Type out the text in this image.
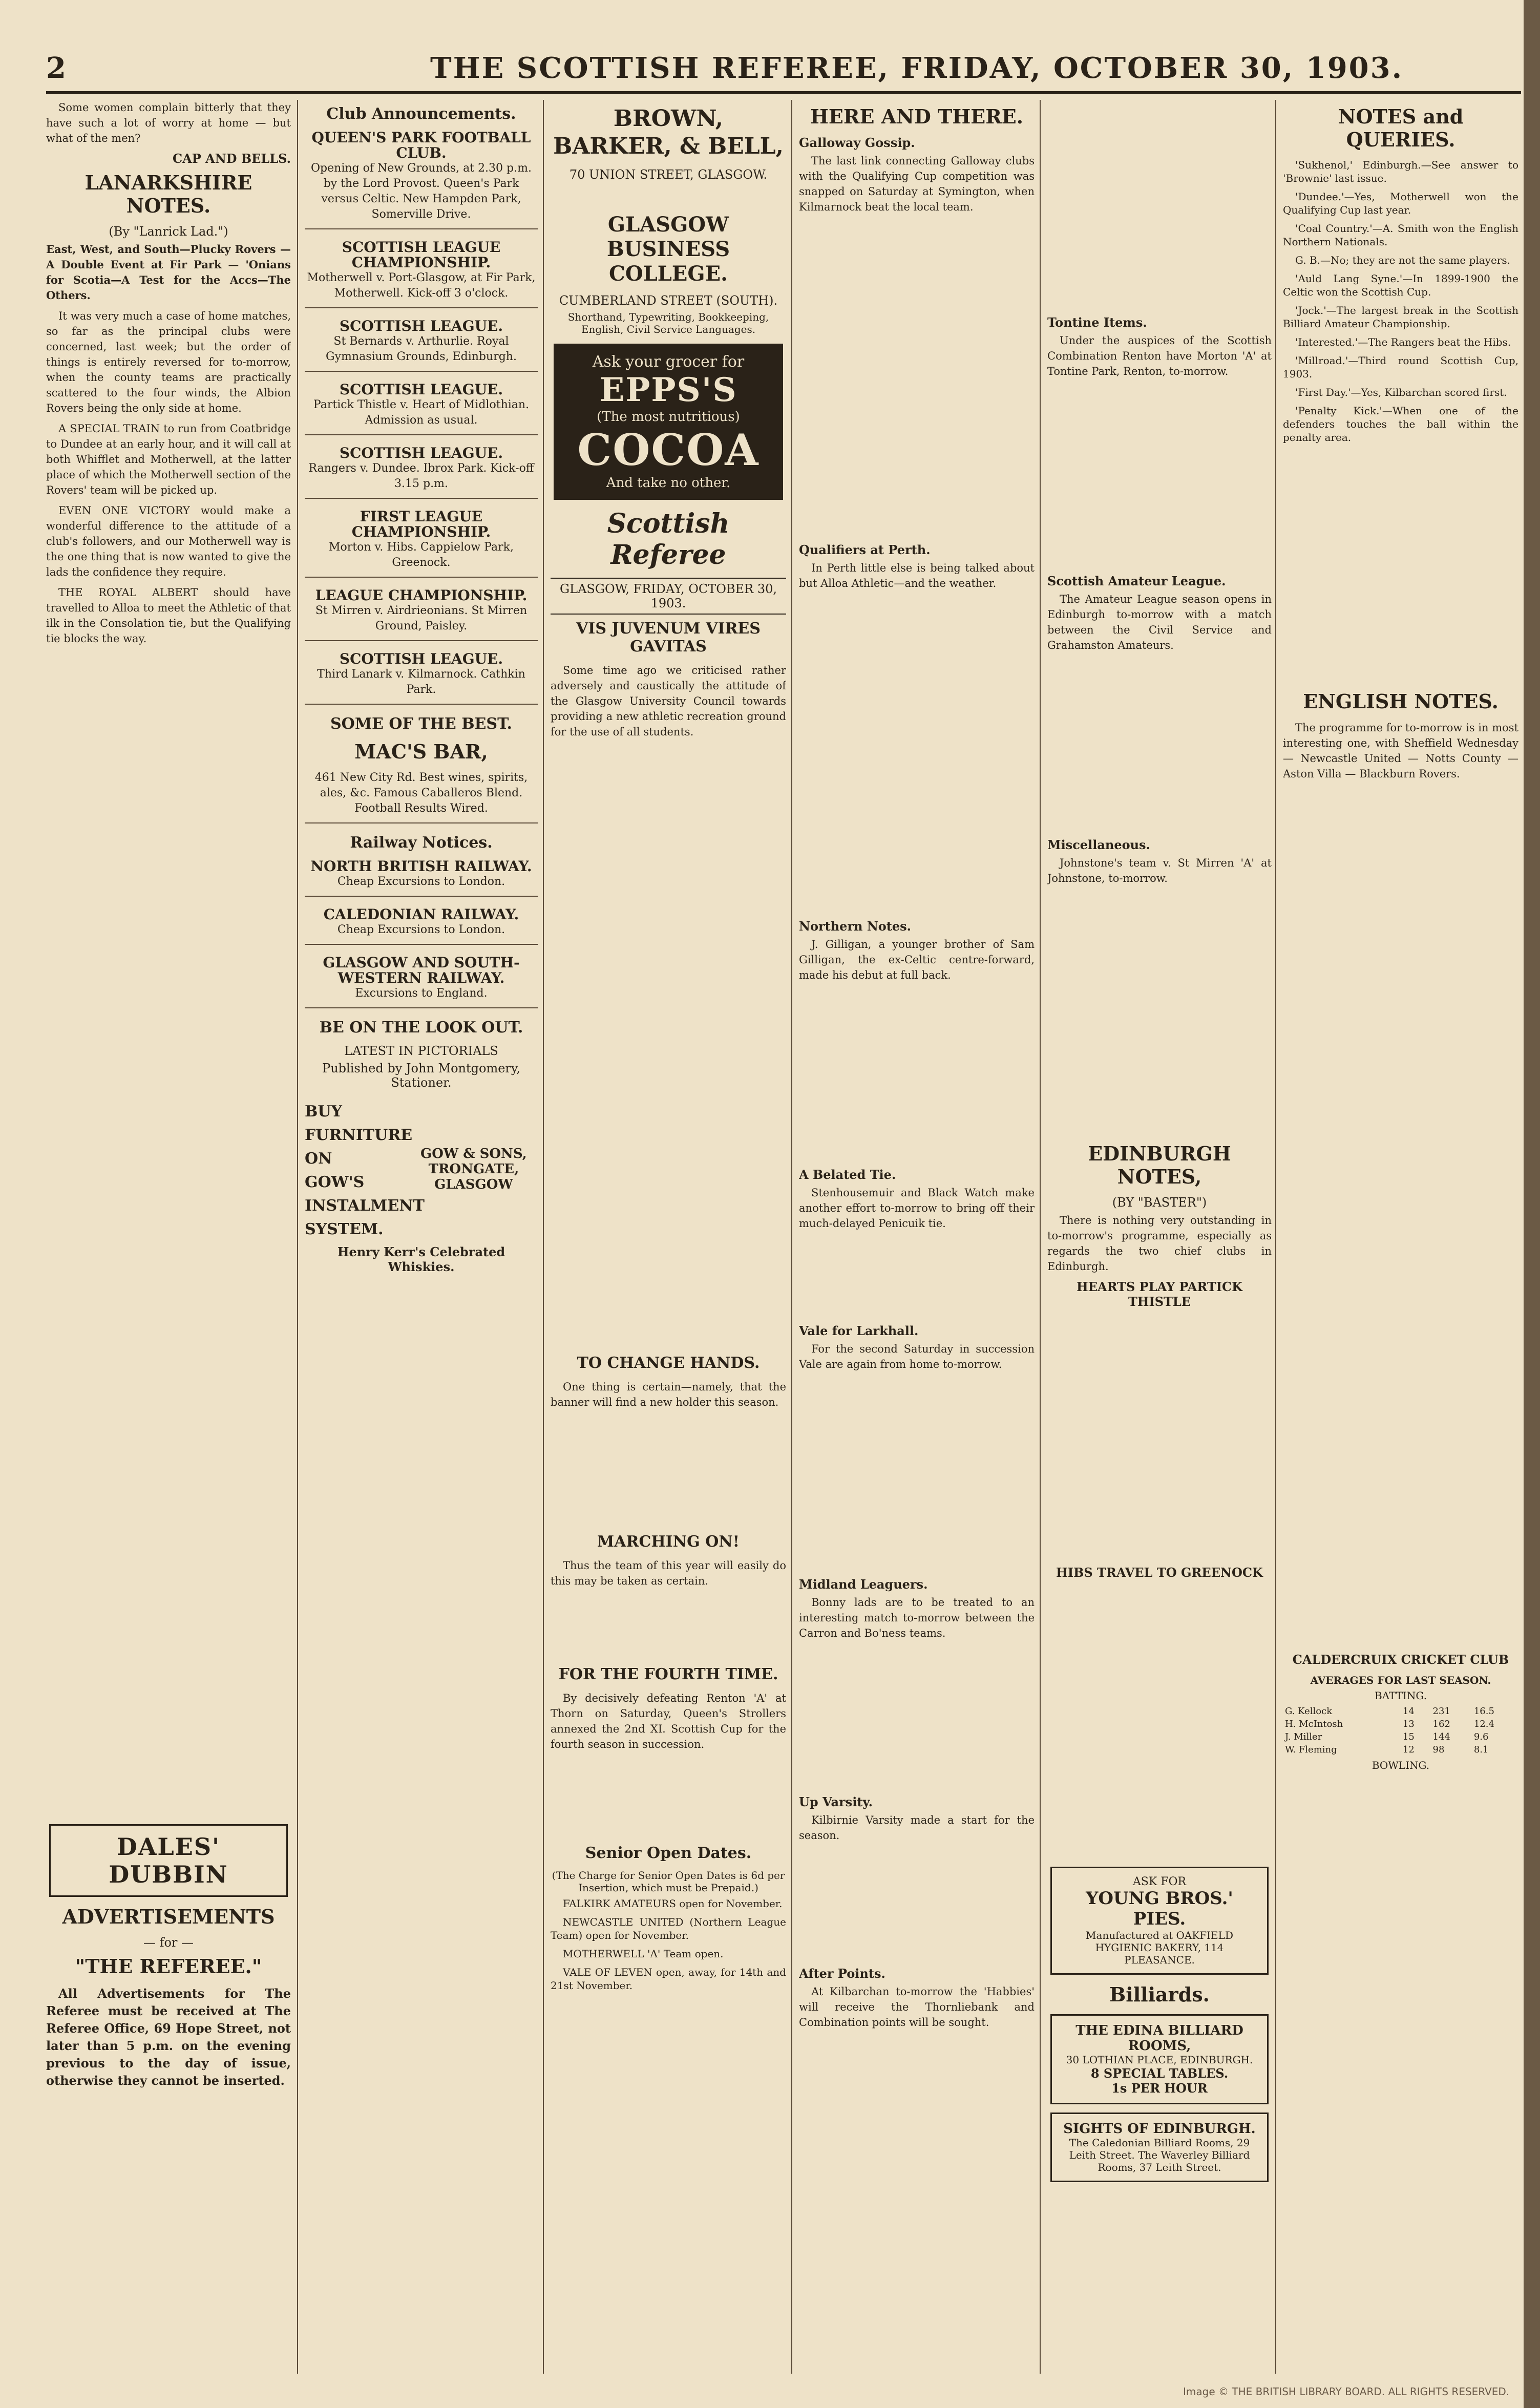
2	THE SCOTTISH REFEREE, FRIDAY, OCTOBER 30, 1903.

Some women complain bitterly that they have such a lot of worry at home — but what of the men?

CAP AND BELLS.
LANARKSHIRE NOTES.
(By "Lanrick Lad.")

East, West, and South—Plucky Rovers — A Double Event at Fir Park — 'Onians for Scotia—A Test for the Accs—The Others.

It was very much a case of home matches, so far as the principal clubs were concerned, last week; but the order of things is entirely reversed for to-morrow, when the county teams are practically scattered to the four winds, the Albion Rovers being the only side at home.

A SPECIAL TRAIN to run from Coatbridge to Dundee at an early hour, and it will call at both Whifflet and Motherwell, at the latter place of which the Motherwell section of the Rovers' team will be picked up.

EVEN ONE VICTORY would make a wonderful difference to the attitude of a club's followers, and our Motherwell way is the one thing that is now wanted to give the lads the confidence they require.

THE ROYAL ALBERT should have travelled to Alloa to meet the Athletic of that ilk in the Consolation tie, but the Qualifying tie blocks the way.

DALES' DUBBIN
ADVERTISEMENTS
— for —
"THE REFEREE."

All Advertisements for The Referee must be received at The Referee Office, 69 Hope Street, not later than 5 p.m. on the evening previous to the day of issue, otherwise they cannot be inserted.

Club Announcements.
QUEEN'S PARK FOOTBALL CLUB.
Opening of New Grounds, at 2.30 p.m. by the Lord Provost. Queen's Park versus Celtic. New Hampden Park, Somerville Drive.
SCOTTISH LEAGUE CHAMPIONSHIP.
Motherwell v. Port-Glasgow, at Fir Park, Motherwell. Kick-off 3 o'clock.
SCOTTISH LEAGUE.
St Bernards v. Arthurlie. Royal Gymnasium Grounds, Edinburgh.
SCOTTISH LEAGUE.
Partick Thistle v. Heart of Midlothian. Admission as usual.
SCOTTISH LEAGUE.
Rangers v. Dundee. Ibrox Park. Kick-off 3.15 p.m.
FIRST LEAGUE CHAMPIONSHIP.
Morton v. Hibs. Cappielow Park, Greenock.
LEAGUE CHAMPIONSHIP.
St Mirren v. Airdrieonians. St Mirren Ground, Paisley.
SCOTTISH LEAGUE.
Third Lanark v. Kilmarnock. Cathkin Park.
SOME OF THE BEST.
MAC'S BAR,
461 New City Rd. Best wines, spirits, ales, &c. Famous Caballeros Blend. Football Results Wired.
Railway Notices.
NORTH BRITISH RAILWAY.
Cheap Excursions to London.
CALEDONIAN RAILWAY.
Cheap Excursions to London.
GLASGOW AND SOUTH-WESTERN RAILWAY.
Excursions to England.
BE ON THE LOOK OUT.
LATEST IN PICTORIALS
Published by John Montgomery, Stationer.
BUY
FURNITURE
ON
GOW'S
INSTALMENT
SYSTEM.
GOW & SONS, TRONGATE, GLASGOW
Henry Kerr's Celebrated Whiskies.
BROWN, BARKER, & BELL,
70 UNION STREET, GLASGOW.
GLASGOW BUSINESS COLLEGE.
CUMBERLAND STREET (SOUTH).
Shorthand, Typewriting, Bookkeeping, English, Civil Service Languages.
Ask your grocer for
EPPS'S
(The most nutritious)
COCOA
And take no other.
Scottish Referee
GLASGOW, FRIDAY, OCTOBER 30, 1903.
VIS JUVENUM VIRES GAVITAS

Some time ago we criticised rather adversely and caustically the attitude of the Glasgow University Council towards providing a new athletic recreation ground for the use of all students.

TO CHANGE HANDS.

One thing is certain—namely, that the banner will find a new holder this season.

MARCHING ON!

Thus the team of this year will easily do this may be taken as certain.

FOR THE FOURTH TIME.

By decisively defeating Renton 'A' at Thorn on Saturday, Queen's Strollers annexed the 2nd XI. Scottish Cup for the fourth season in succession.

Senior Open Dates.
(The Charge for Senior Open Dates is 6d per Insertion, which must be Prepaid.)

FALKIRK AMATEURS open for November.

NEWCASTLE UNITED (Northern League Team) open for November.

MOTHERWELL 'A' Team open.

VALE OF LEVEN open, away, for 14th and 21st November.

HERE AND THERE.
Galloway Gossip.

The last link connecting Galloway clubs with the Qualifying Cup competition was snapped on Saturday at Symington, when Kilmarnock beat the local team.

Qualifiers at Perth.

In Perth little else is being talked about but Alloa Athletic—and the weather.

Northern Notes.

J. Gilligan, a younger brother of Sam Gilligan, the ex-Celtic centre-forward, made his debut at full back.

A Belated Tie.

Stenhousemuir and Black Watch make another effort to-morrow to bring off their much-delayed Penicuik tie.

Vale for Larkhall.

For the second Saturday in succession Vale are again from home to-morrow.

Midland Leaguers.

Bonny lads are to be treated to an interesting match to-morrow between the Carron and Bo'ness teams.

Up Varsity.

Kilbirnie Varsity made a start for the season.

After Points.

At Kilbarchan to-morrow the 'Habbies' will receive the Thornliebank and Combination points will be sought.

Tontine Items.

Under the auspices of the Scottish Combination Renton have Morton 'A' at Tontine Park, Renton, to-morrow.

Scottish Amateur League.

The Amateur League season opens in Edinburgh to-morrow with a match between the Civil Service and Grahamston Amateurs.

Miscellaneous.

Johnstone's team v. St Mirren 'A' at Johnstone, to-morrow.

EDINBURGH NOTES,
(BY "BASTER")

There is nothing very outstanding in to-morrow's programme, especially as regards the two chief clubs in Edinburgh.

HEARTS PLAY PARTICK THISTLE
HIBS TRAVEL TO GREENOCK
ASK FOR
YOUNG BROS.' PIES.
Manufactured at OAKFIELD HYGIENIC BAKERY, 114 PLEASANCE.
Billiards.
THE EDINA BILLIARD ROOMS,
30 LOTHIAN PLACE, EDINBURGH.
8 SPECIAL TABLES.
1s PER HOUR
SIGHTS OF EDINBURGH.
The Caledonian Billiard Rooms, 29 Leith Street. The Waverley Billiard Rooms, 37 Leith Street.
NOTES and QUERIES.

'Sukhenol,' Edinburgh.—See answer to 'Brownie' last issue.

'Dundee.'—Yes, Motherwell won the Qualifying Cup last year.

'Coal Country.'—A. Smith won the English Northern Nationals.

G. B.—No; they are not the same players.

'Auld Lang Syne.'—In 1899-1900 the Celtic won the Scottish Cup.

'Jock.'—The largest break in the Scottish Billiard Amateur Championship.

'Interested.'—The Rangers beat the Hibs.

'Millroad.'—Third round Scottish Cup, 1903.

'First Day.'—Yes, Kilbarchan scored first.

'Penalty Kick.'—When one of the defenders touches the ball within the penalty area.

ENGLISH NOTES.

The programme for to-morrow is in most interesting one, with Sheffield Wednesday — Newcastle United — Notts County — Aston Villa — Blackburn Rovers.

CALDERCRUIX CRICKET CLUB
AVERAGES FOR LAST SEASON.
BATTING.
G. Kellock	14	231	16.5
H. McIntosh	13	162	12.4
J. Miller	15	144	9.6
W. Fleming	12	98	8.1
BOWLING.
Image © THE BRITISH LIBRARY BOARD. ALL RIGHTS RESERVED.
